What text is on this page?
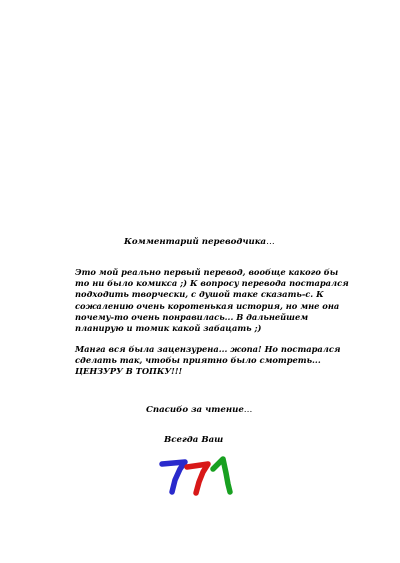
Комментарий переводчика…

Это мой реально первый перевод, вообще какого бы
то ни было комикса ;) К вопросу перевода постарался
подходить творчески, с душой таке сказать-с. К
сожалению очень коротенькая история, но мне она
почему-то очень понравилась... В дальнейшем
планирую и томик какой забацать ;)

Манга вся была зацензурена... жопа! Но постарался
сделать так, чтобы приятно было смотреть...
ЦЕНЗУРУ В ТОПКУ!!!

Спасибо за чтение…
Всегда Ваш
